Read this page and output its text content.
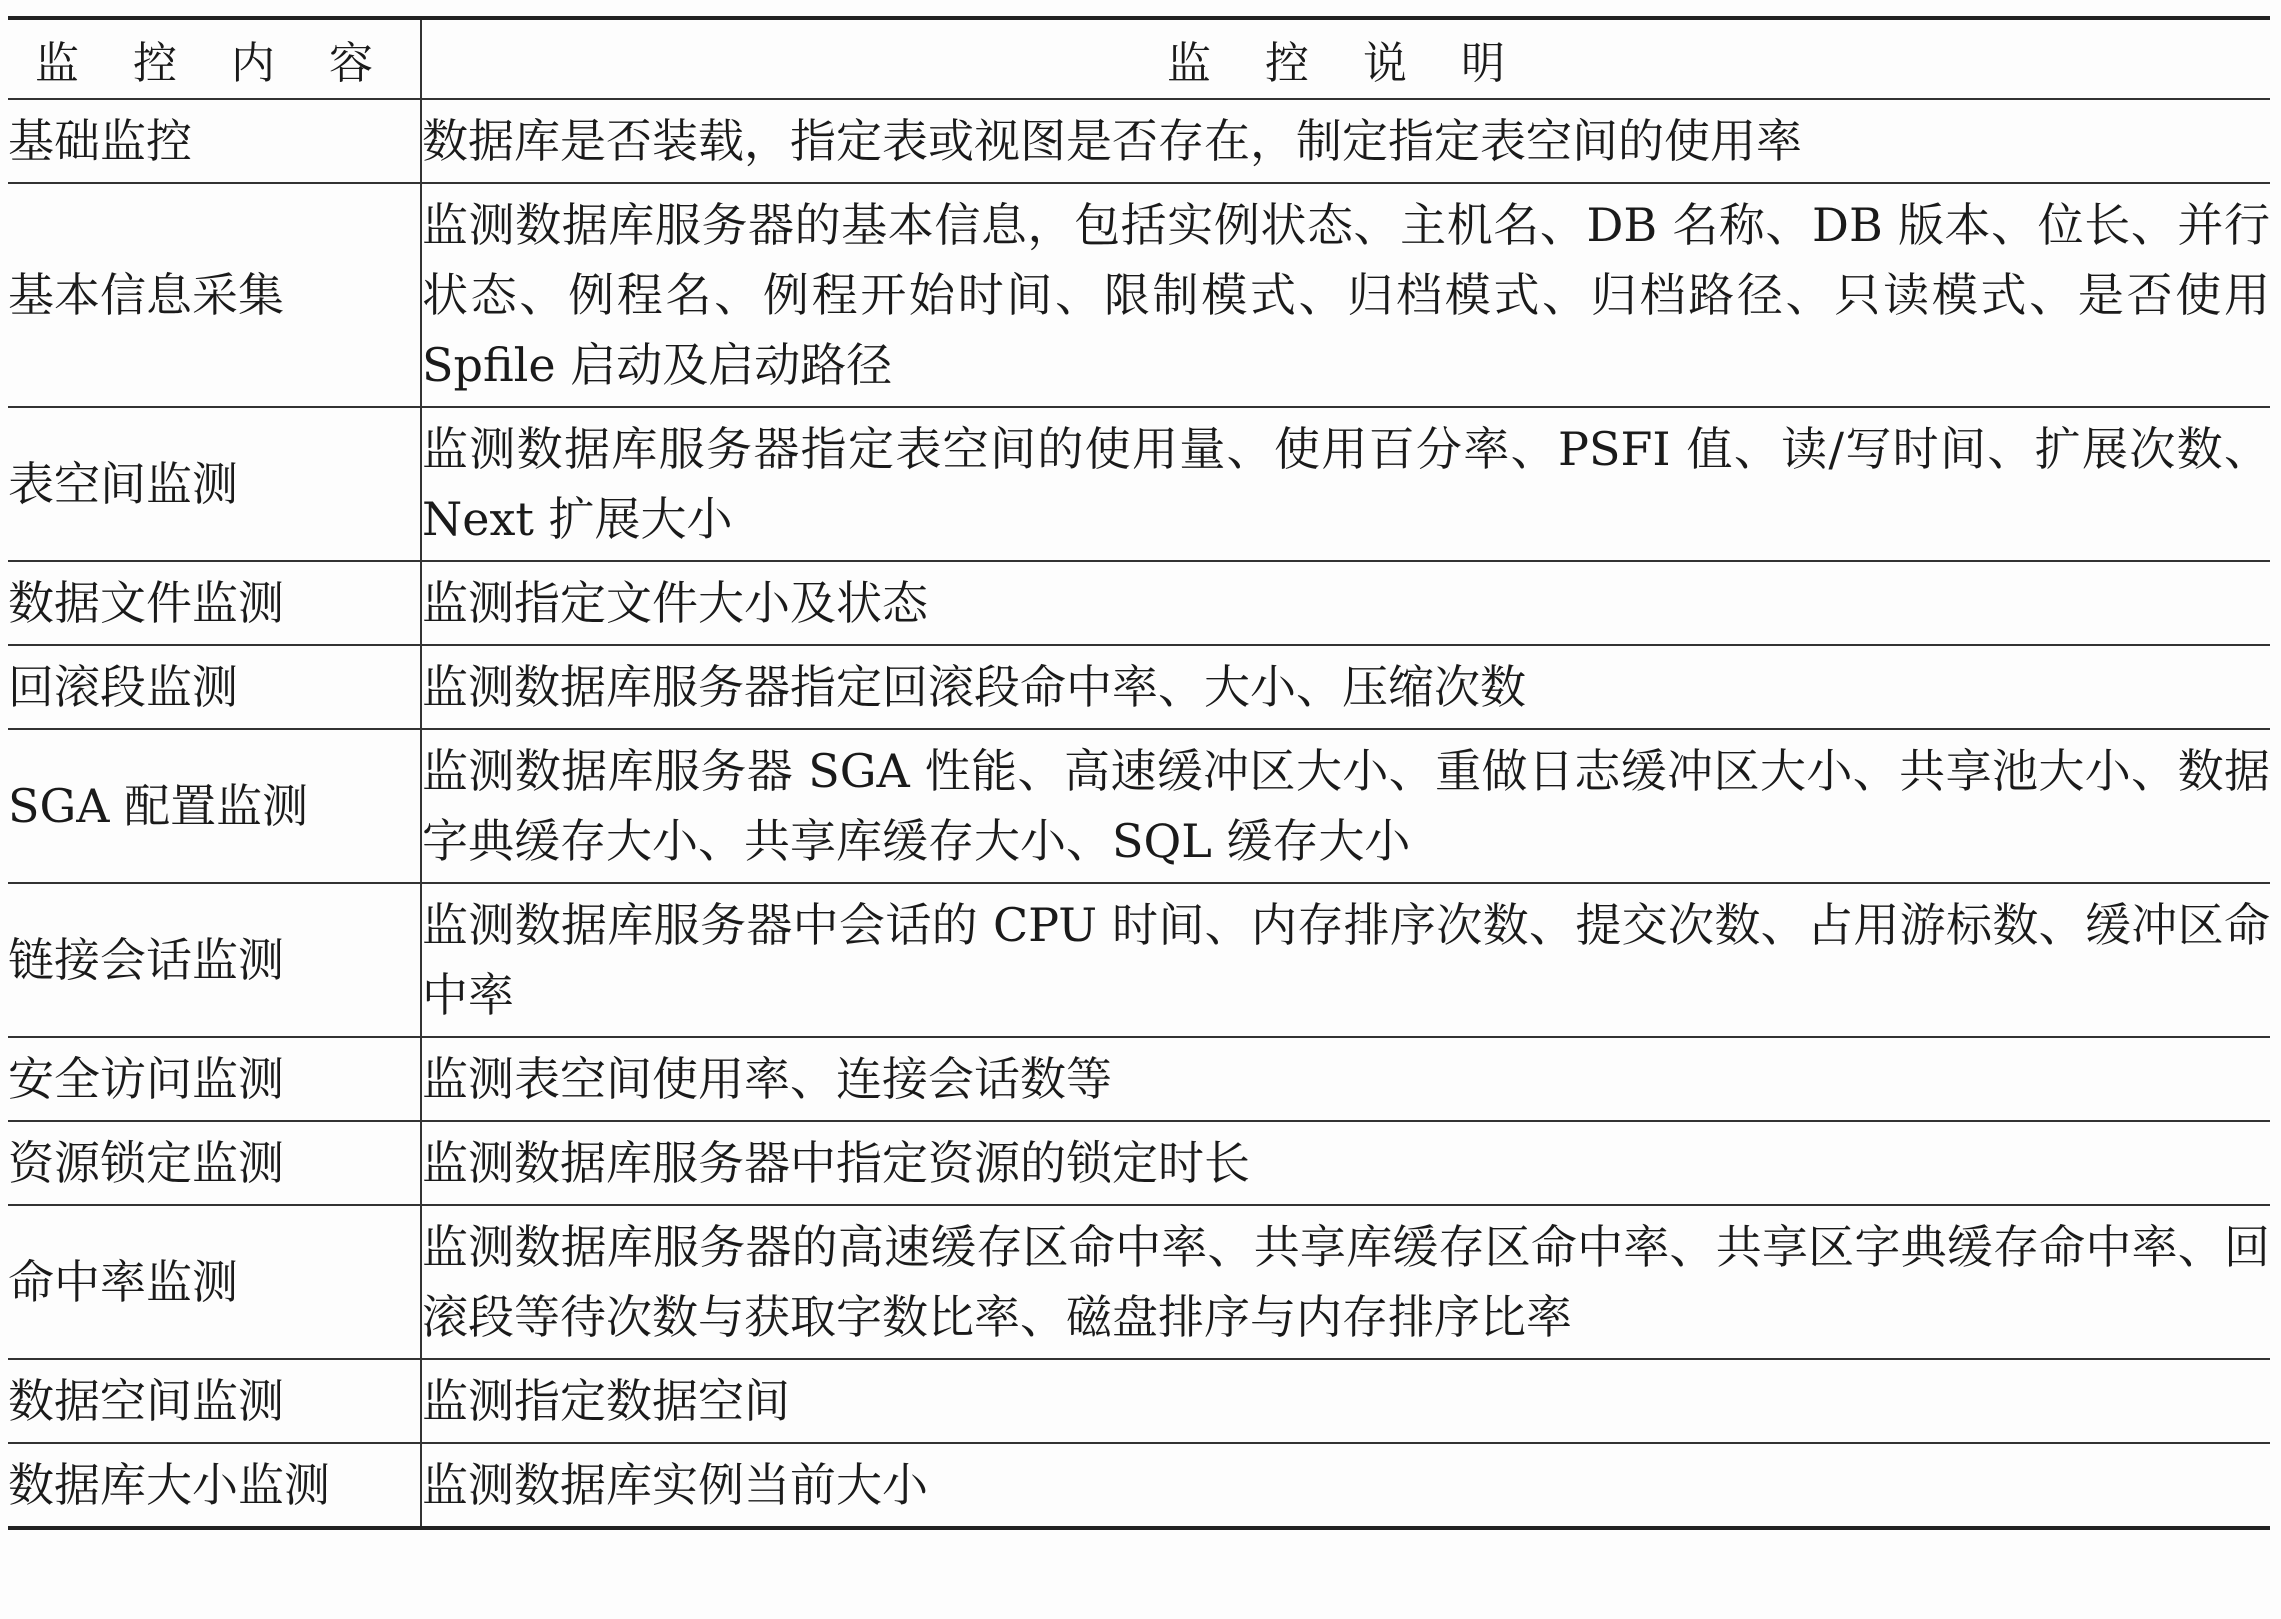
监 控 内 容	监 控 说 明
基础监控	数据库是否装载，指定表或视图是否存在，制定指定表空间的使用率
基本信息采集	监测数据库服务器的基本信息，包括实例状态、主机名、DB 名称、DB 版本、位长、并行状态、例程名、例程开始时间、限制模式、归档模式、归档路径、只读模式、是否使用 Spfile 启动及启动路径
表空间监测	监测数据库服务器指定表空间的使用量、使用百分率、PSFI 值、读/写时间、扩展次数、Next 扩展大小
数据文件监测	监测指定文件大小及状态
回滚段监测	监测数据库服务器指定回滚段命中率、大小、压缩次数
SGA 配置监测	监测数据库服务器 SGA 性能、高速缓冲区大小、重做日志缓冲区大小、共享池大小、数据字典缓存大小、共享库缓存大小、SQL 缓存大小
链接会话监测	监测数据库服务器中会话的 CPU 时间、内存排序次数、提交次数、占用游标数、缓冲区命中率
安全访问监测	监测表空间使用率、连接会话数等
资源锁定监测	监测数据库服务器中指定资源的锁定时长
命中率监测	监测数据库服务器的高速缓存区命中率、共享库缓存区命中率、共享区字典缓存命中率、回滚段等待次数与获取字数比率、磁盘排序与内存排序比率
数据空间监测	监测指定数据空间
数据库大小监测	监测数据库实例当前大小
